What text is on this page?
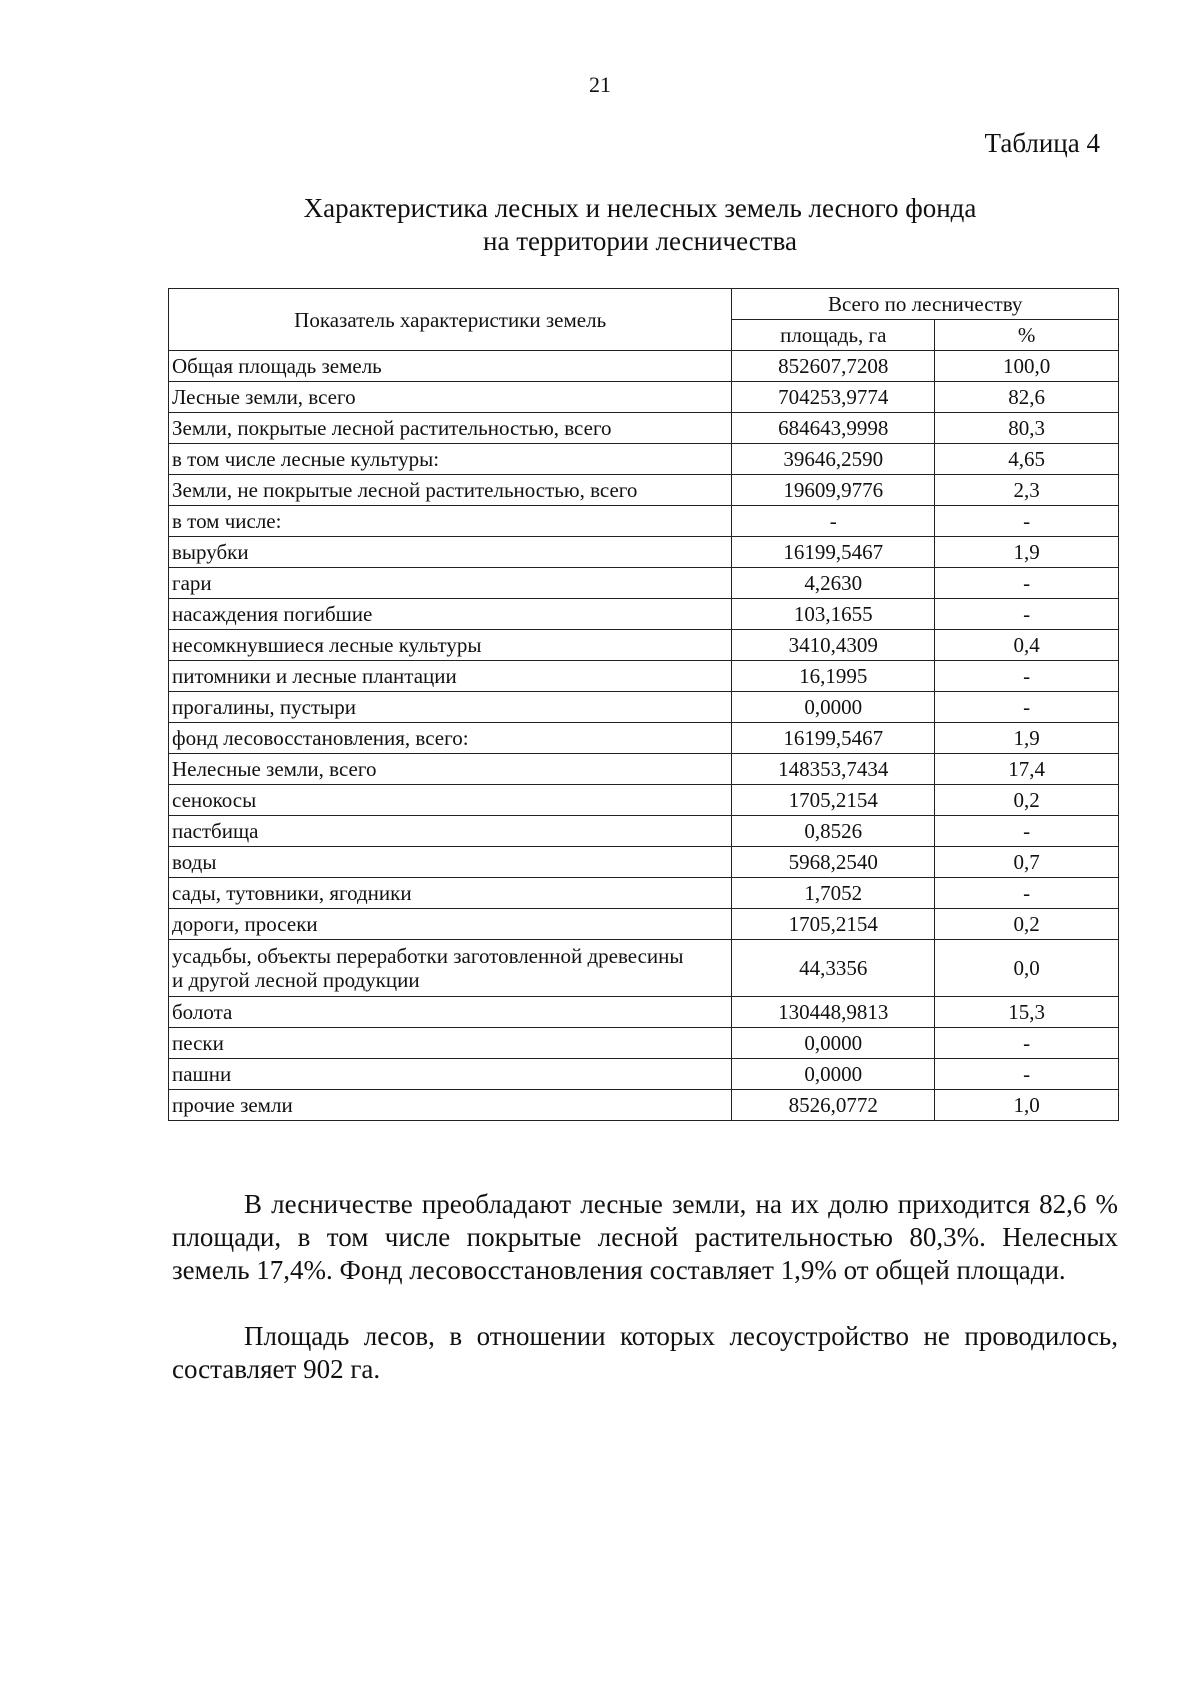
21
Таблица 4
Характеристика лесных и нелесных земель лесного фонда
на территории лесничества
Показатель характеристики земель	Всего по лесничеству	
	площадь, га	%

Общая площадь земель	852607,7208	100,0

Лесные земли, всего	704253,9774	82,6

Земли, покрытые лесной растительностью, всего	684643,9998	80,3

в том числе лесные культуры:	39646,2590	4,65

Земли, не покрытые лесной растительностью, всего	19609,9776	2,3

в том числе:	-	-

вырубки	16199,5467	1,9

гари	4,2630	-

насаждения погибшие	103,1655	-

несомкнувшиеся лесные культуры	3410,4309	0,4

питомники и лесные плантации	16,1995	-

прогалины, пустыри	0,0000	-

фонд лесовосстановления, всего:	16199,5467	1,9

Нелесные земли, всего	148353,7434	17,4

сенокосы	1705,2154	0,2

пастбища	0,8526	-

воды	5968,2540	0,7

сады, тутовники, ягодники	1,7052	-

дороги, просеки	1705,2154	0,2

усадьбы, объекты переработки заготовленной древесины
и другой лесной продукции	44,3356	0,0

болота	130448,9813	15,3

пески	0,0000	-

пашни	0,0000	-

прочие земли	8526,0772	1,0

В лесничестве преобладают лесные земли, на их долю приходится 82,6 % площади, в том числе покрытые лесной растительностью 80,3%. Нелесных земель 17,4%. Фонд лесовосстановления составляет 1,9% от общей площади.

Площадь лесов, в отношении которых лесоустройство не проводилось, составляет 902 га.
